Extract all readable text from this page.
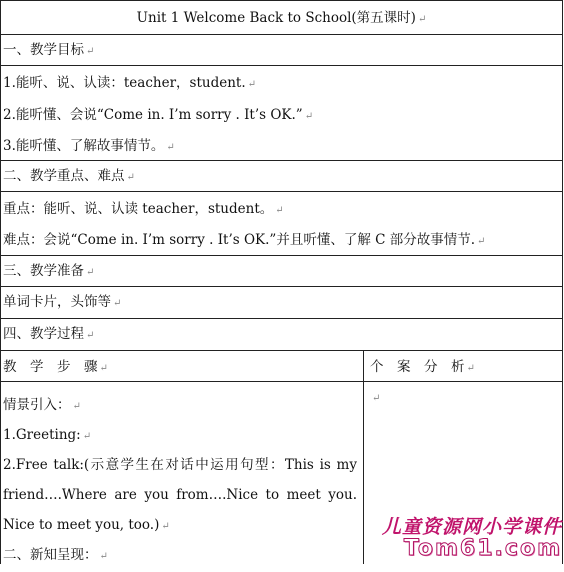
Unit 1 Welcome Back to School(第五课时) ↵
一、教学目标 ↵
1.能听、说、认读：teacher，student. ↵
2.能听懂、会说“Come in. I’m sorry . It’s OK.” ↵
3.能听懂、了解故事情节。 ↵
二、教学重点、难点 ↵
重点：能听、说、认读 teacher，student。 ↵
难点：会说“Come in. I’m sorry . It’s OK.”并且听懂、了解 C 部分故事情节. ↵
三、教学准备 ↵
单词卡片，头饰等 ↵
四、教学过程 ↵
教　学　步　骤 ↵	个　案　分　析 ↵
↵
情景引入： ↵
1.Greeting: ↵
2.Free talk:(示意学生在对话中运用句型：This is my
friend….Where are you from….Nice to meet you.
Nice to meet you, too.) ↵
二、新知呈现： ↵
儿童资源网小学课件
Tom61.com
